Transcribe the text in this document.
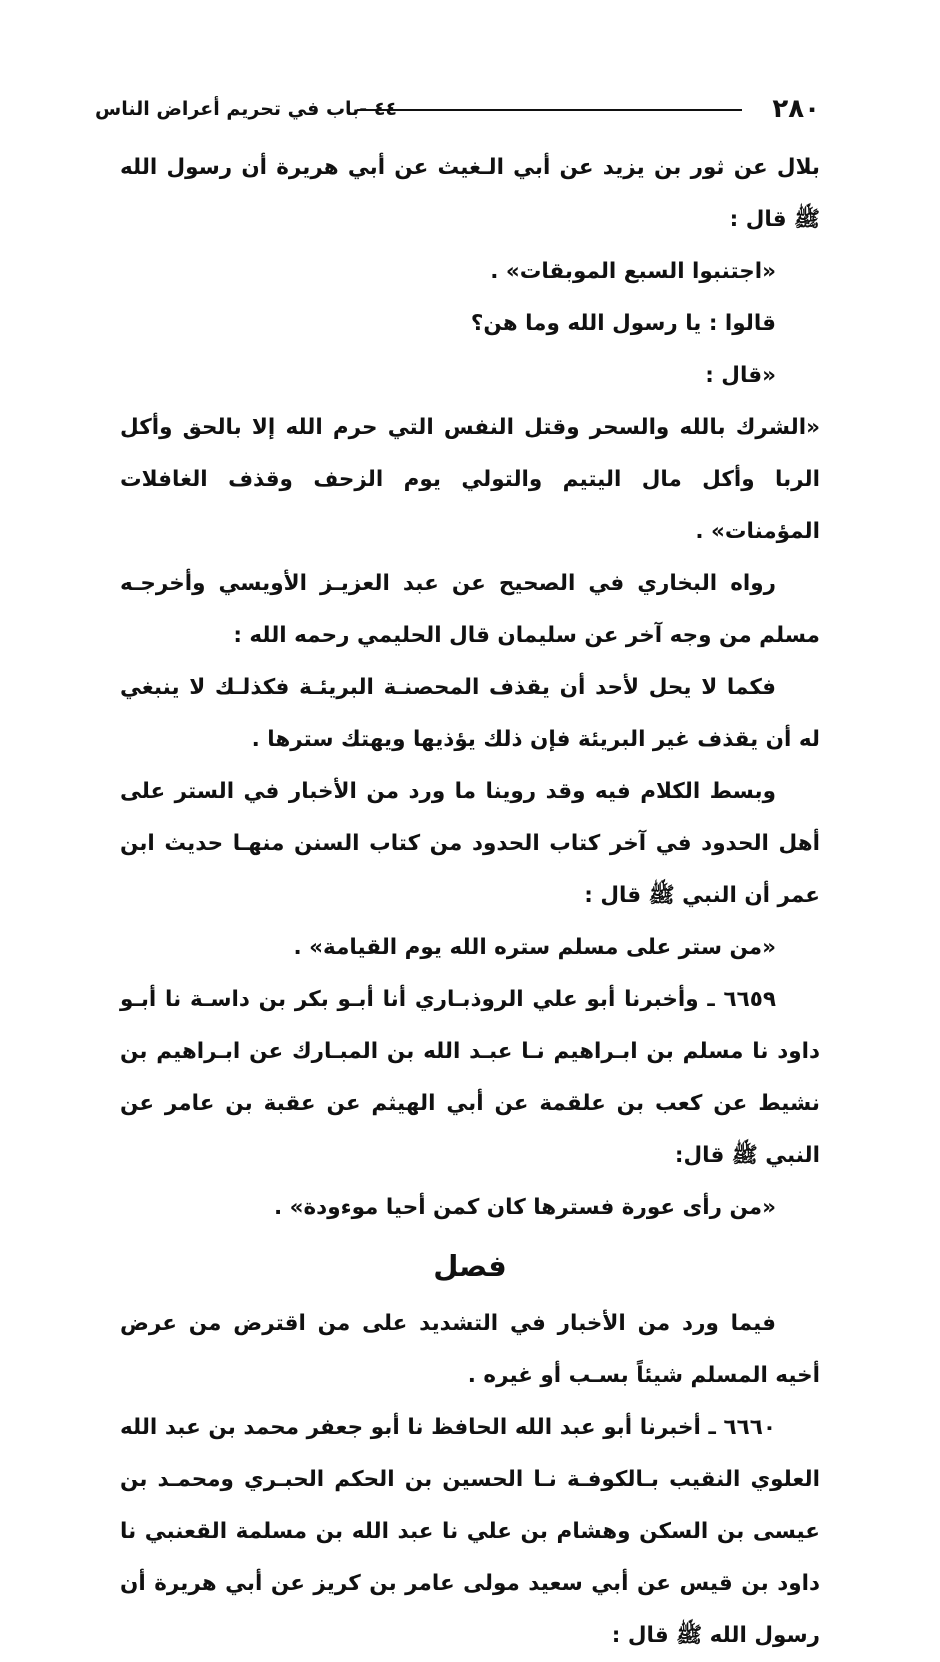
٢٨٠
٤٤ -باب في تحريم أعراض الناس

بلال عن ثور بن يزيد عن أبي الـغيث عن أبي هريرة أن رسول الله ﷺ قال :

«اجتنبوا السبع الموبقات» .

قالوا : يا رسول الله وما هن؟

«قال :

«الشرك بالله والسحر وقتل النفس التي حرم الله إلا بالحق وأكل الربا وأكل مال اليتيم والتولي يوم الزحف وقذف الغافلات المؤمنات» .

رواه البخاري في الصحيح عن عبد العزيـز الأويسي وأخرجـه مسلم من وجه آخر عن سليمان قال الحليمي رحمه الله :

فكما لا يحل لأحد أن يقذف المحصنـة البريئـة فكذلـك لا ينبغي له أن يقذف غير البريئة فإن ذلك يؤذيها ويهتك سترها .

وبسط الكلام فيه وقد روينا ما ورد من الأخبار في الستر على أهل الحدود في آخر كتاب الحدود من كتاب السنن منهـا حديث ابن عمر أن النبي ﷺ قال :

«من ستر على مسلم ستره الله يوم القيامة» .

٦٦٥٩ ـ وأخبرنا أبو علي الروذبـاري أنا أبـو بكر بن داسـة نا أبـو داود نا مسلم بن ابـراهيم نـا عبـد الله بن المبـارك عن ابـراهيم بن نشيط عن كعب بن علقمة عن أبي الهيثم عن عقبة بن عامر عن النبي ﷺ قال:

«من رأى عورة فسترها كان كمن أحيا موءودة» .

فصل

فيما ورد من الأخبار في التشديد على من اقترض من عرض أخيه المسلم شيئاً بسـب أو غيره .

٦٦٦٠ ـ أخبرنا أبو عبد الله الحافظ نا أبو جعفر محمد بن عبد الله العلوي النقيب بـالكوفـة نـا الحسين بن الحكم الحبـري ومحمـد بن عيسى بن السكن وهشام بن علي نا عبد الله بن مسلمة القعنبي نا داود بن قيس عن أبي سعيد مولى عامر بن كريز عن أبي هريرة أن رسول الله ﷺ قال :
